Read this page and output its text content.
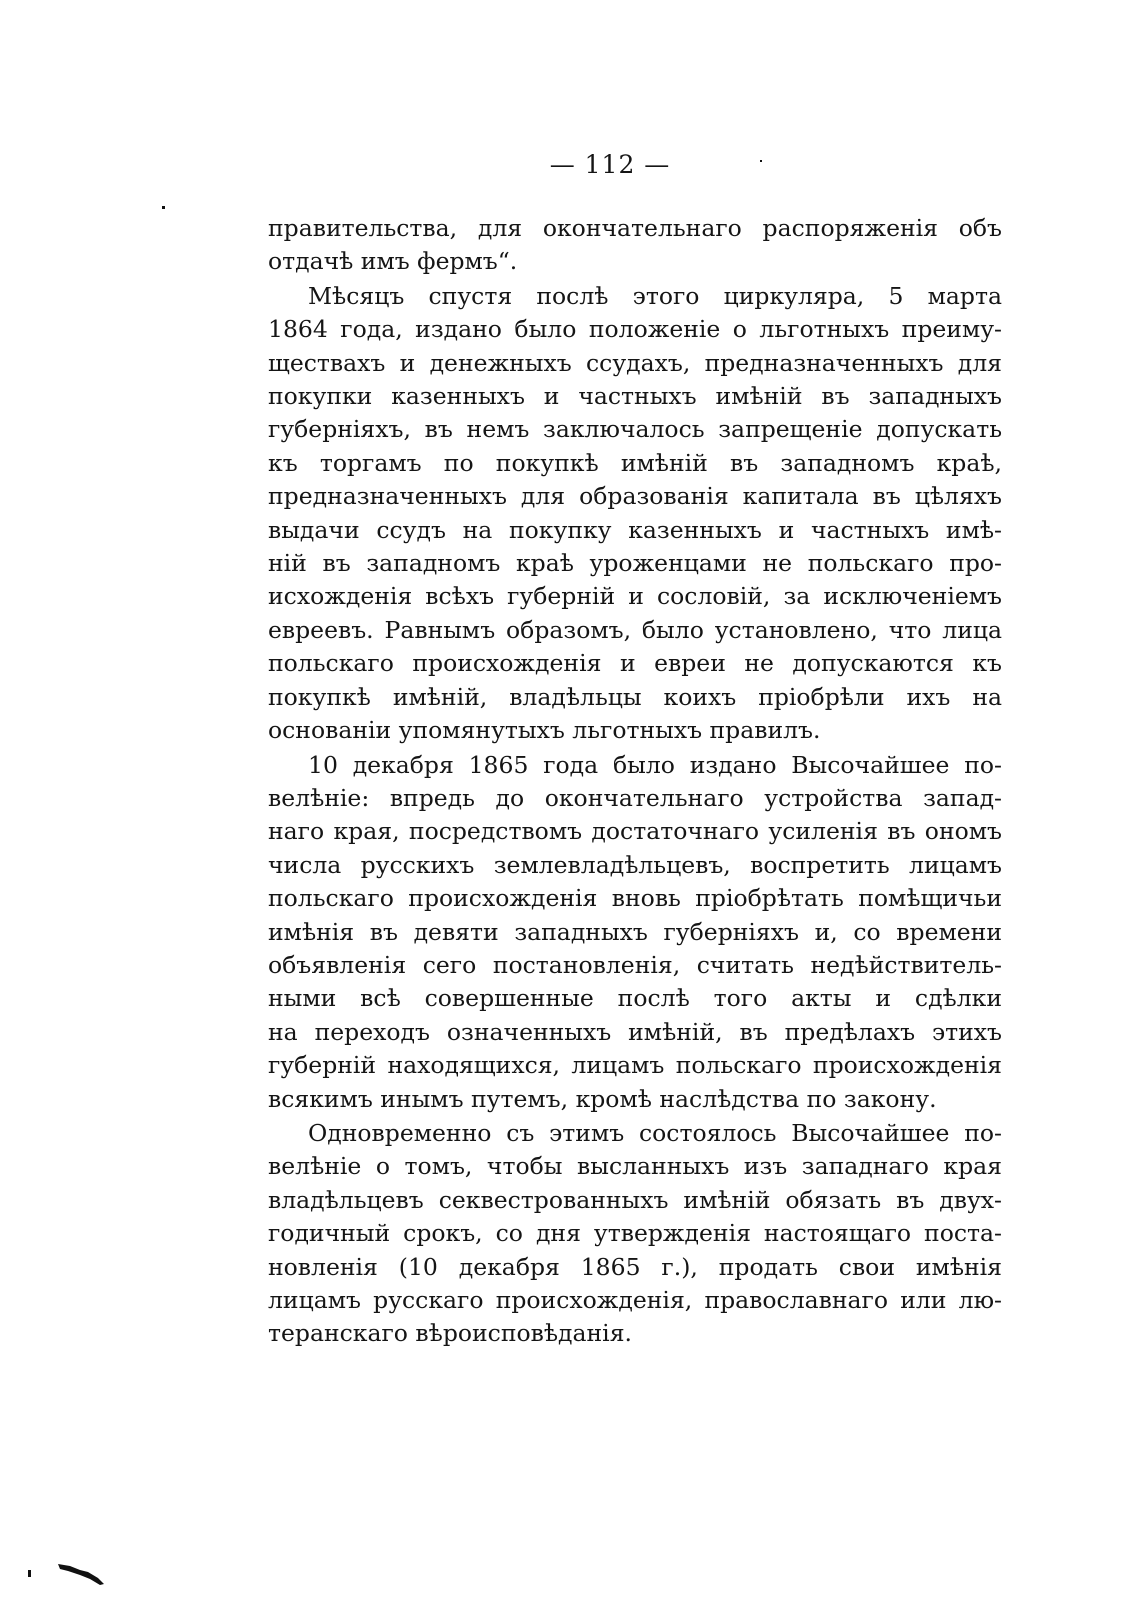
— 112 —
правительства, для окончательнаго распоряженія объ
отдачѣ имъ фермъ“.
Мѣсяцъ спустя послѣ этого циркуляра, 5 марта
1864 года, издано было положеніе о льготныхъ преиму-
ществахъ и денежныхъ ссудахъ, предназначенныхъ для
покупки казенныхъ и частныхъ имѣній въ западныхъ
губерніяхъ, въ немъ заключалось запрещеніе допускать
къ торгамъ по покупкѣ имѣній въ западномъ краѣ,
предназначенныхъ для образованія капитала въ цѣляхъ
выдачи ссудъ на покупку казенныхъ и частныхъ имѣ-
ній въ западномъ краѣ уроженцами не польскаго про-
исхожденія всѣхъ губерній и сословій, за исключеніемъ
евреевъ. Равнымъ образомъ, было установлено, что лица
польскаго происхожденія и евреи не допускаются къ
покупкѣ имѣній, владѣльцы коихъ пріобрѣли ихъ на
основаніи упомянутыхъ льготныхъ правилъ.
10 декабря 1865 года было издано Высочайшее по-
велѣніе: впредь до окончательнаго устройства запад-
наго края, посредствомъ достаточнаго усиленія въ ономъ
числа русскихъ землевладѣльцевъ, воспретить лицамъ
польскаго происхожденія вновь пріобрѣтать помѣщичьи
имѣнія въ девяти западныхъ губерніяхъ и, со времени
объявленія сего постановленія, считать недѣйствитель-
ными всѣ совершенные послѣ того акты и сдѣлки
на переходъ означенныхъ имѣній, въ предѣлахъ этихъ
губерній находящихся, лицамъ польскаго происхожденія
всякимъ инымъ путемъ, кромѣ наслѣдства по закону.
Одновременно съ этимъ состоялось Высочайшее по-
велѣніе о томъ, чтобы высланныхъ изъ западнаго края
владѣльцевъ секвестрованныхъ имѣній обязать въ двух-
годичный срокъ, со дня утвержденія настоящаго поста-
новленія (10 декабря 1865 г.), продать свои имѣнія
лицамъ русскаго происхожденія, православнаго или лю-
теранскаго вѣроисповѣданія.
